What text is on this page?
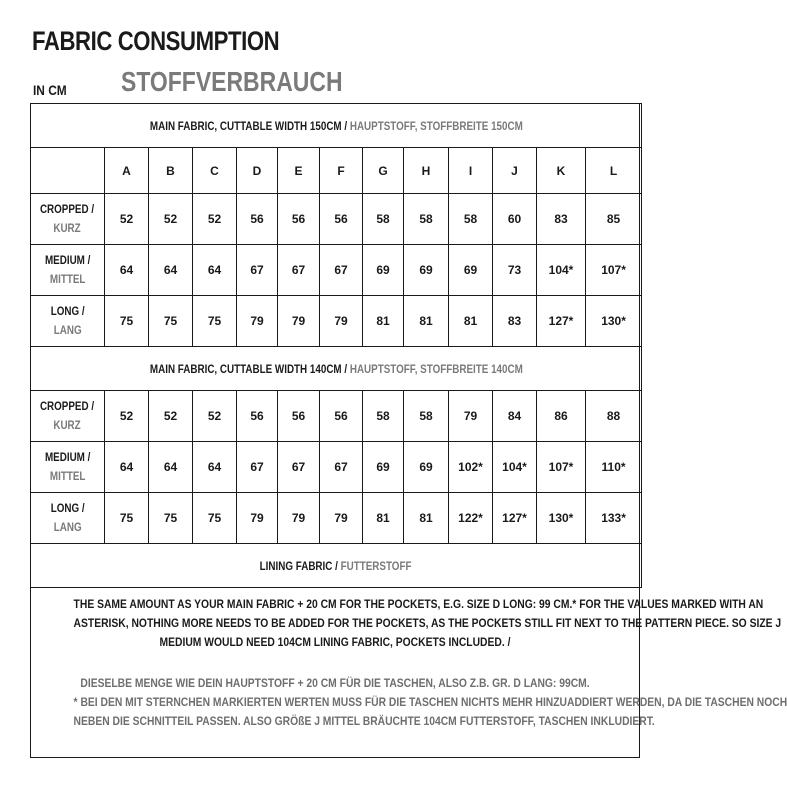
FABRIC CONSUMPTION
IN CM STOFFVERBRAUCH
MAIN FABRIC, CUTTABLE WIDTH 150CM / HAUPTSTOFF, STOFFBREITE 150CM												
	A	B	C	D	E	F	G	H	I	J	K	L
CROPPED /
KURZ	52	52	52	56	56	56	58	58	58	60	83	85
MEDIUM /
MITTEL	64	64	64	67	67	67	69	69	69	73	104*	107*
LONG /
LANG	75	75	75	79	79	79	81	81	81	83	127*	130*
MAIN FABRIC, CUTTABLE WIDTH 140CM / HAUPTSTOFF, STOFFBREITE 140CM												
CROPPED /
KURZ	52	52	52	56	56	56	58	58	79	84	86	88
MEDIUM /
MITTEL	64	64	64	67	67	67	69	69	102*	104*	107*	110*
LONG /
LANG	75	75	75	79	79	79	81	81	122*	127*	130*	133*
LINING FABRIC / FUTTERSTOFF												

THE SAME AMOUNT AS YOUR MAIN FABRIC + 20 CM FOR THE POCKETS, E.G. SIZE D LONG: 99 CM.* FOR THE VALUES MARKED WITH AN
ASTERISK, NOTHING MORE NEEDS TO BE ADDED FOR THE POCKETS, AS THE POCKETS STILL FIT NEXT TO THE PATTERN PIECE. SO SIZE J
MEDIUM WOULD NEED 104CM LINING FABRIC, POCKETS INCLUDED. /

DIESELBE MENGE WIE DEIN HAUPTSTOFF + 20 CM FÜR DIE TASCHEN, ALSO Z.B. GR. D LANG: 99CM.
* BEI DEN MIT STERNCHEN MARKIERTEN WERTEN MUSS FÜR DIE TASCHEN NICHTS MEHR HINZUADDIERT WERDEN, DA DIE TASCHEN NOCH
NEBEN DIE SCHNITTEIL PASSEN. ALSO GRÖßE J MITTEL BRÄUCHTE 104CM FUTTERSTOFF, TASCHEN INKLUDIERT.
